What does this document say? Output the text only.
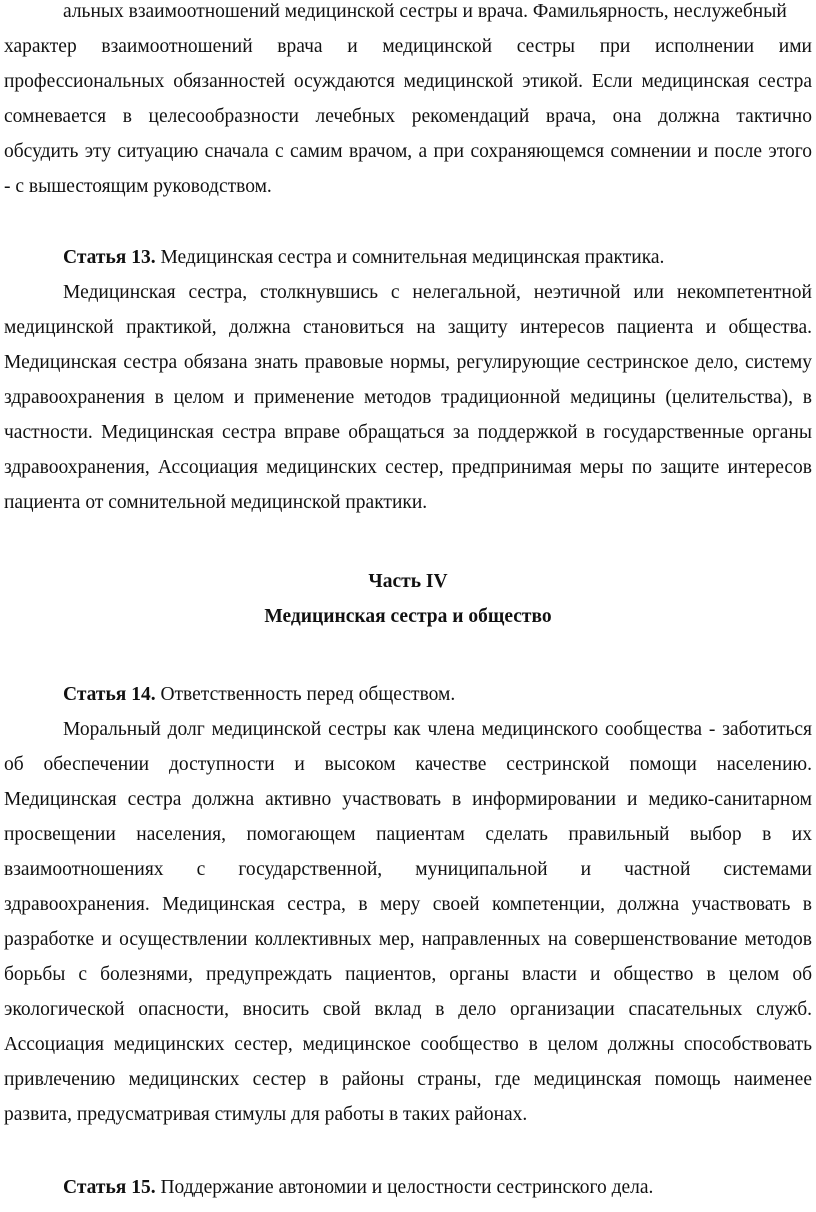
альных взаимоотношений медицинской сестры и врача. Фамильярность, неслужебный
характер взаимоотношений врача и медицинской сестры при исполнении ими
профессиональных обязанностей осуждаются медицинской этикой. Если медицинская сестра
сомневается в целесообразности лечебных рекомендаций врача, она должна тактично
обсудить эту ситуацию сначала с самим врачом, а при сохраняющемся сомнении и после этого
- с вышестоящим руководством.
Статья 13. Медицинская сестра и сомнительная медицинская практика.
Медицинская сестра, столкнувшись с нелегальной, неэтичной или некомпетентной
медицинской практикой, должна становиться на защиту интересов пациента и общества.
Медицинская сестра обязана знать правовые нормы, регулирующие сестринское дело, систему
здравоохранения в целом и применение методов традиционной медицины (целительства), в
частности. Медицинская сестра вправе обращаться за поддержкой в государственные органы
здравоохранения, Ассоциация медицинских сестер, предпринимая меры по защите интересов
пациента от сомнительной медицинской практики.
Часть IV
Медицинская сестра и общество
Статья 14. Ответственность перед обществом.
Моральный долг медицинской сестры как члена медицинского сообщества - заботиться
об обеспечении доступности и высоком качестве сестринской помощи населению.
Медицинская сестра должна активно участвовать в информировании и медико-санитарном
просвещении населения, помогающем пациентам сделать правильный выбор в их
взаимоотношениях с государственной, муниципальной и частной системами
здравоохранения. Медицинская сестра, в меру своей компетенции, должна участвовать в
разработке и осуществлении коллективных мер, направленных на совершенствование методов
борьбы с болезнями, предупреждать пациентов, органы власти и общество в целом об
экологической опасности, вносить свой вклад в дело организации спасательных служб.
Ассоциация медицинских сестер, медицинское сообщество в целом должны способствовать
привлечению медицинских сестер в районы страны, где медицинская помощь наименее
развита, предусматривая стимулы для работы в таких районах.
Статья 15. Поддержание автономии и целостности сестринского дела.
